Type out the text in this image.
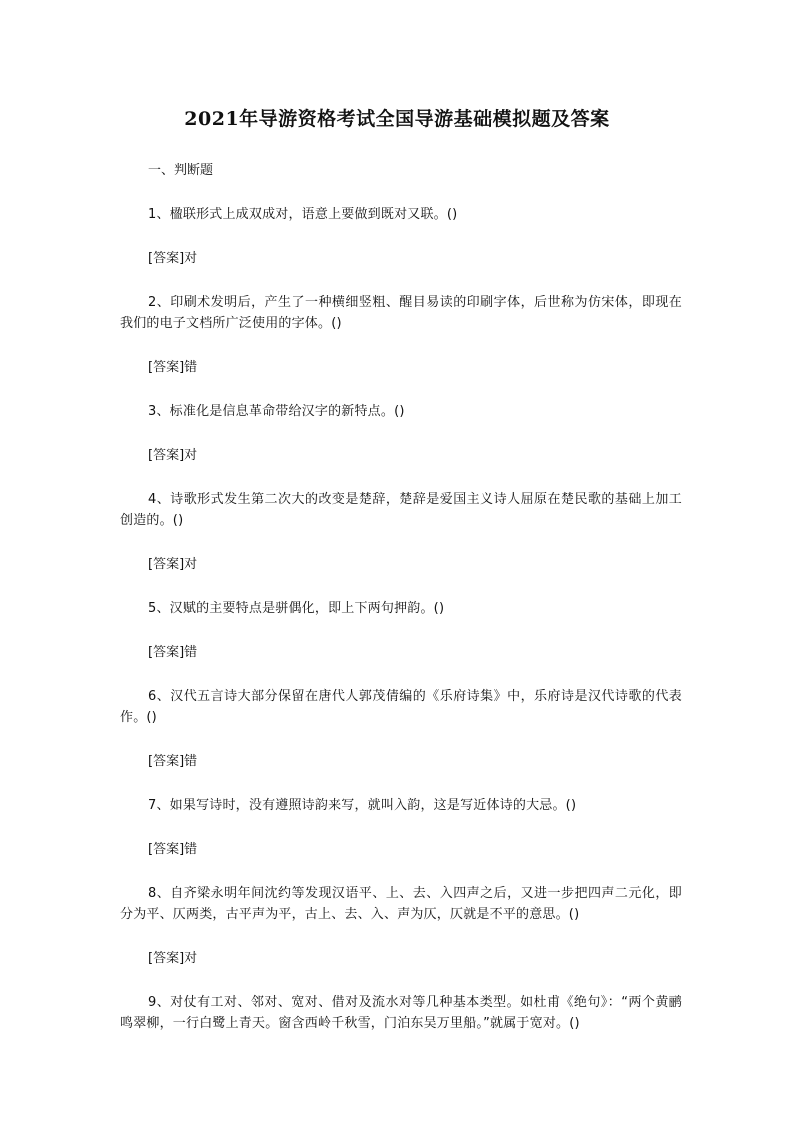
2021年导游资格考试全国导游基础模拟题及答案

一、判断题

1、楹联形式上成双成对，语意上要做到既对又联。()

[答案]对

2、印刷术发明后，产生了一种横细竖粗、醒目易读的印刷字体，后世称为仿宋体，即现在我们的电子文档所广泛使用的字体。()

[答案]错

3、标准化是信息革命带给汉字的新特点。()

[答案]对

4、诗歌形式发生第二次大的改变是楚辞，楚辞是爱国主义诗人屈原在楚民歌的基础上加工创造的。()

[答案]对

5、汉赋的主要特点是骈偶化，即上下两句押韵。()

[答案]错

6、汉代五言诗大部分保留在唐代人郭茂倩编的《乐府诗集》中，乐府诗是汉代诗歌的代表作。()

[答案]错

7、如果写诗时，没有遵照诗韵来写，就叫入韵，这是写近体诗的大忌。()

[答案]错

8、自齐梁永明年间沈约等发现汉语平、上、去、入四声之后，又进一步把四声二元化，即分为平、仄两类，古平声为平，古上、去、入、声为仄，仄就是不平的意思。()

[答案]对

9、对仗有工对、邻对、宽对、借对及流水对等几种基本类型。如杜甫《绝句》：“两个黄鹂鸣翠柳，一行白鹭上青天。窗含西岭千秋雪，门泊东吴万里船。”就属于宽对。()
